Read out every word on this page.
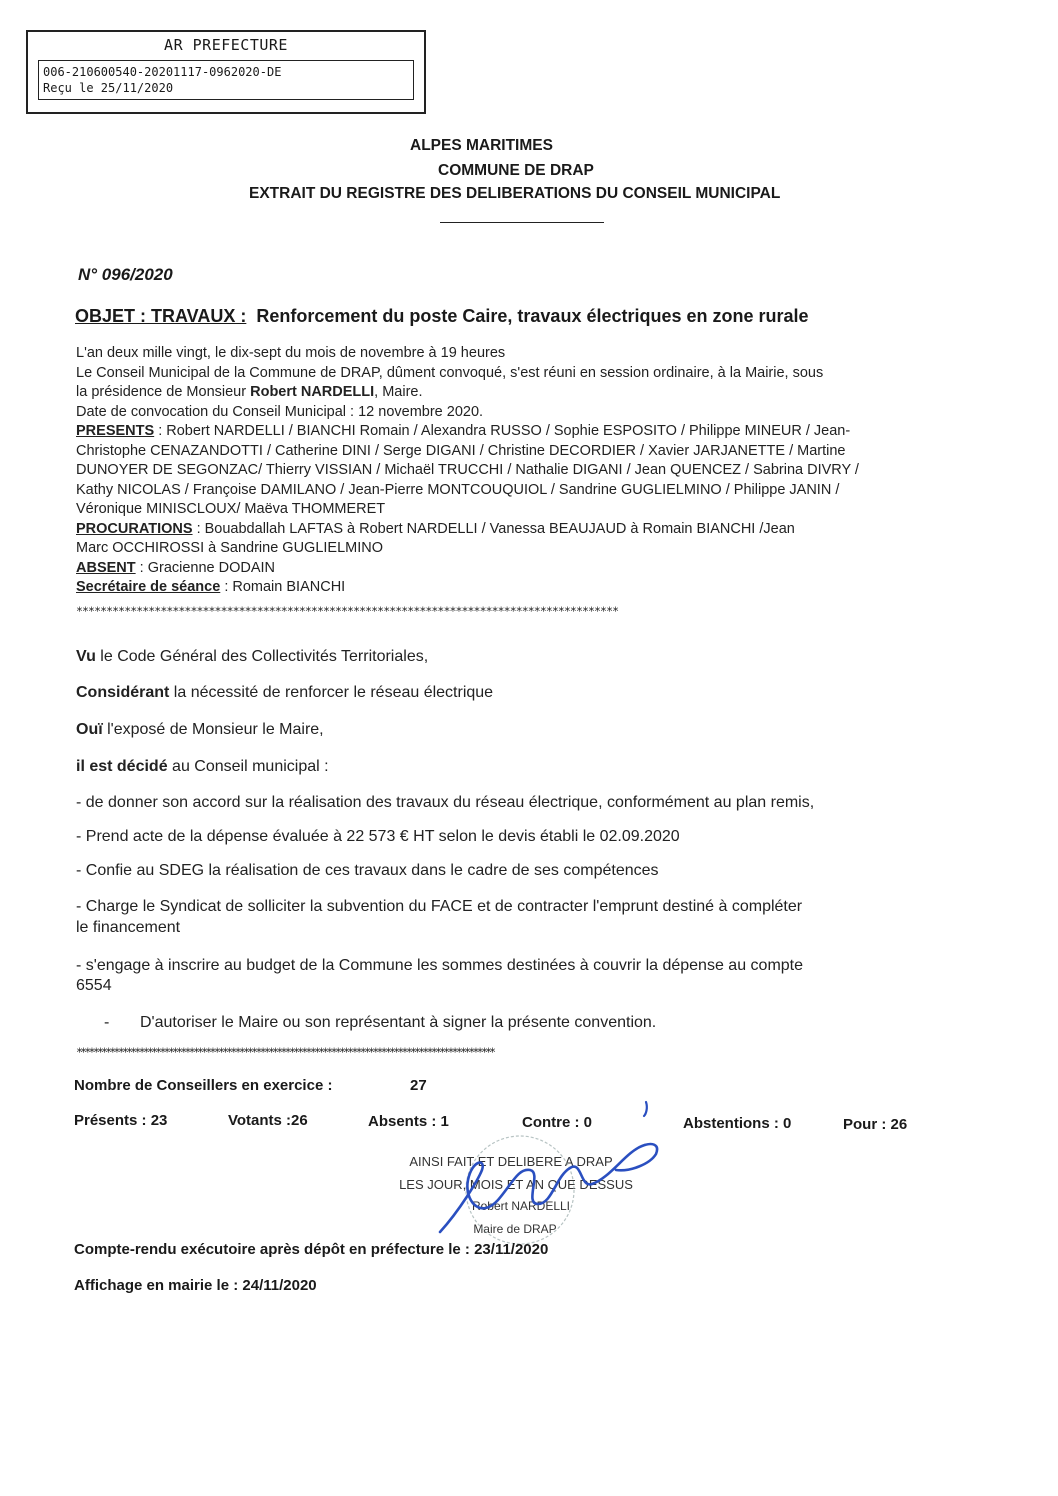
AR PREFECTURE
006-210600540-20201117-0962020-DE
Reçu le 25/11/2020
ALPES MARITIMES
COMMUNE DE DRAP
EXTRAIT DU REGISTRE DES DELIBERATIONS DU CONSEIL MUNICIPAL
N° 096/2020
OBJET : TRAVAUX : Renforcement du poste Caire, travaux électriques en zone rurale
L'an deux mille vingt, le dix-sept du mois de novembre à 19 heures
Le Conseil Municipal de la Commune de DRAP, dûment convoqué, s'est réuni en session ordinaire, à la Mairie, sous
la présidence de Monsieur Robert NARDELLI, Maire.
Date de convocation du Conseil Municipal : 12 novembre 2020.
PRESENTS : Robert NARDELLI / BIANCHI Romain / Alexandra RUSSO / Sophie ESPOSITO / Philippe MINEUR / Jean-
Christophe CENAZANDOTTI / Catherine DINI / Serge DIGANI / Christine DECORDIER / Xavier JARJANETTE / Martine
DUNOYER DE SEGONZAC/ Thierry VISSIAN / Michaël TRUCCHI / Nathalie DIGANI / Jean QUENCEZ / Sabrina DIVRY /
Kathy NICOLAS / Françoise DAMILANO / Jean-Pierre MONTCOUQUIOL / Sandrine GUGLIELMINO / Philippe JANIN /
Véronique MINISCLOUX/ Maëva THOMMERET
PROCURATIONS : Bouabdallah LAFTAS à Robert NARDELLI / Vanessa BEAUJAUD à Romain BIANCHI /Jean
Marc OCCHIROSSI à Sandrine GUGLIELMINO
ABSENT : Gracienne DODAIN
Secrétaire de séance : Romain BIANCHI
******************************************************************************************
Vu le Code Général des Collectivités Territoriales,
Considérant la nécessité de renforcer le réseau électrique
Ouï l'exposé de Monsieur le Maire,
il est décidé au Conseil municipal :
- de donner son accord sur la réalisation des travaux du réseau électrique, conformément au plan remis,
- Prend acte de la dépense évaluée à 22 573 € HT selon le devis établi le 02.09.2020
- Confie au SDEG la réalisation de ces travaux dans le cadre de ses compétences
- Charge le Syndicat de solliciter la subvention du FACE et de contracter l'emprunt destiné à compléter
le financement
- s'engage à inscrire au budget de la Commune les sommes destinées à couvrir la dépense au compte
6554
- D'autoriser le Maire ou son représentant à signer la présente convention.
****************************************************************************************************
Nombre de Conseillers en exercice :	27
Présents : 23	Votants :26	Absents : 1	Contre : 0	Abstentions : 0	Pour : 26
AINSI FAIT ET DELIBERE A DRAP
LES JOUR, MOIS ET AN QUE DESSUS
Robert NARDELLI
Maire de DRAP
Compte-rendu exécutoire après dépôt en préfecture le : 23/11/2020
Affichage en mairie le : 24/11/2020
